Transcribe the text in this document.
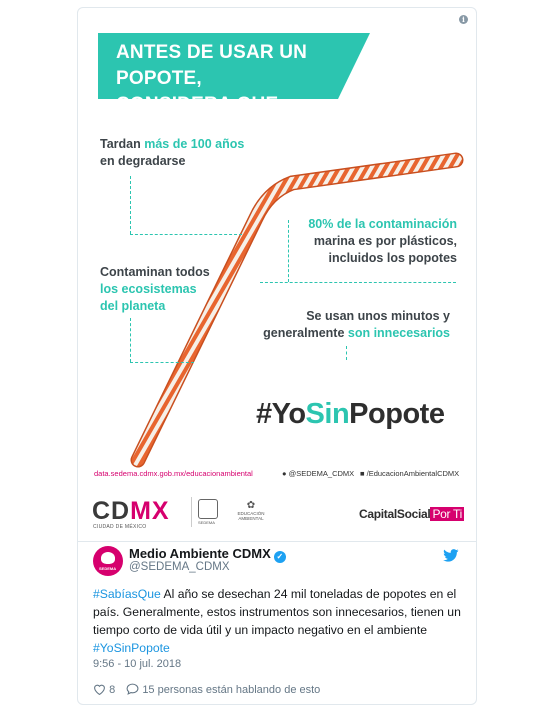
ANTES DE USAR UN POPOTE,
CONSIDERA QUE:
Tardan más de 100 años
en degradarse
80% de la contaminación
marina es por plásticos,
incluidos los popotes
Contaminan todos
los ecosistemas
del planeta
Se usan unos minutos y
generalmente son innecesarios
#YoSinPopote
data.sedema.cdmx.gob.mx/educacionambiental	● @SEDEMA_CDMX ■ /EducacionAmbientalCDMX
CDMX
CIUDAD DE MÉXICO
SEDEMA
✿
EDUCACIÓN AMBIENTAL	CapitalSocial Por Ti
i
SEDEMA
Medio Ambiente CDMX ✓
@SEDEMA_CDMX
#SabíasQue Al año se desechan 24 mil toneladas de popotes en el país. Generalmente, estos instrumentos son innecesarios, tienen un tiempo corto de vida útil y un impacto negativo en el ambiente #YoSinPopote
9:56 - 10 jul. 2018
8 15 personas están hablando de esto
